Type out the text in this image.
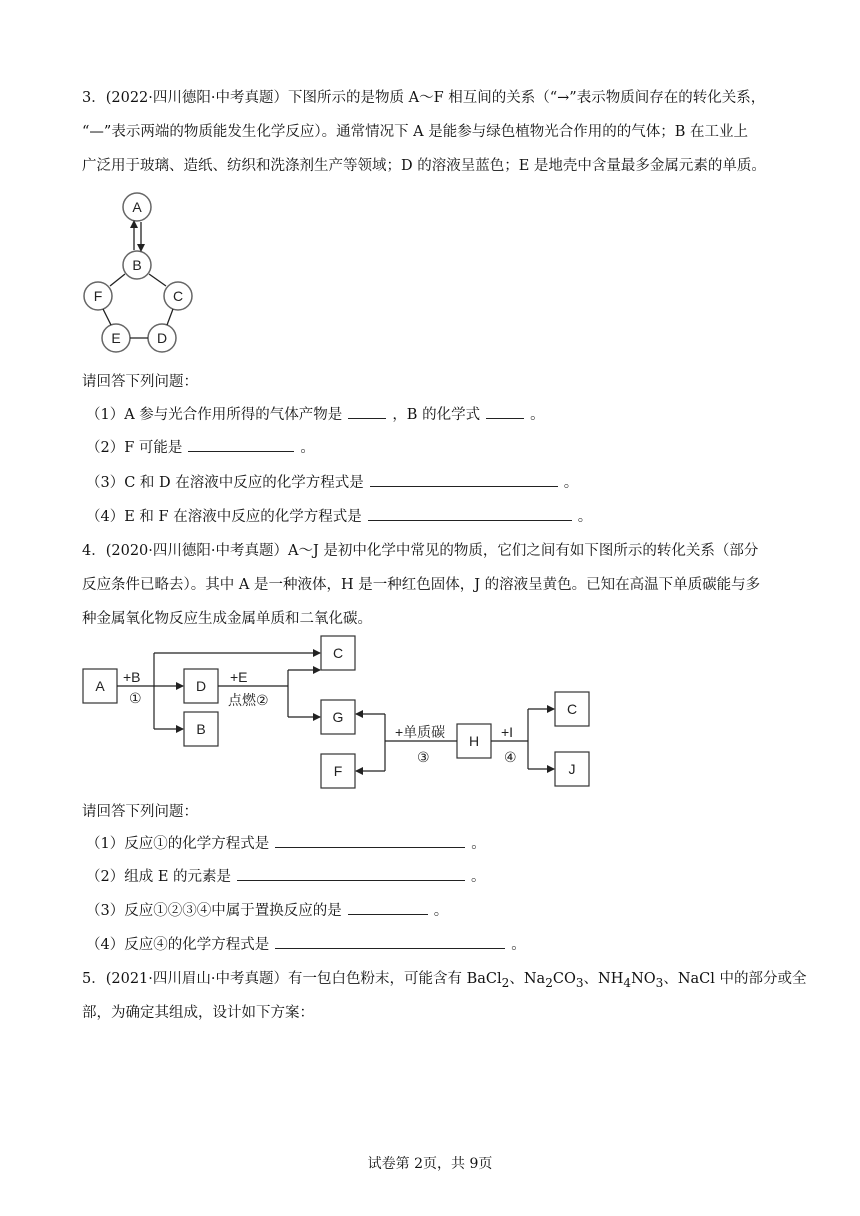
3．(2022·四川德阳·中考真题）下图所示的是物质 A～F 相互间的关系（“→”表示物质间存在的转化关系，
“—”表示两端的物质能发生化学反应）。通常情况下 A 是能参与绿色植物光合作用的的气体；B 在工业上
广泛用于玻璃、造纸、纺织和洗涤剂生产等领域；D 的溶液呈蓝色；E 是地壳中含量最多金属元素的单质。
A
B
C
D
E
F
请回答下列问题：
（1）A 参与光合作用所得的气体产物是	，B 的化学式	。
（2）F 可能是	。
（3）C 和 D 在溶液中反应的化学方程式是	。
（4）E 和 F 在溶液中反应的化学方程式是	。
4．(2020·四川德阳·中考真题）A～J 是初中化学中常见的物质，它们之间有如下图所示的转化关系（部分
反应条件已略去）。其中 A 是一种液体，H 是一种红色固体，J 的溶液呈黄色。已知在高温下单质碳能与多
种金属氧化物反应生成金属单质和二氧化碳。
A	D
B
C
G
F
H
C
J
+B
①
+E
点燃②
+单质碳
③
+I
④
请回答下列问题：
（1）反应①的化学方程式是	。
（2）组成 E 的元素是	。
（3）反应①②③④中属于置换反应的是	。
（4）反应④的化学方程式是	。
5．(2021·四川眉山·中考真题）有一包白色粉末，可能含有 BaCl$_2$、$Na_2CO_3$、$NH_4NO_3$、NaCl 中的部分或全
部，为确定其组成，设计如下方案：
试卷第 2页，共 9页
